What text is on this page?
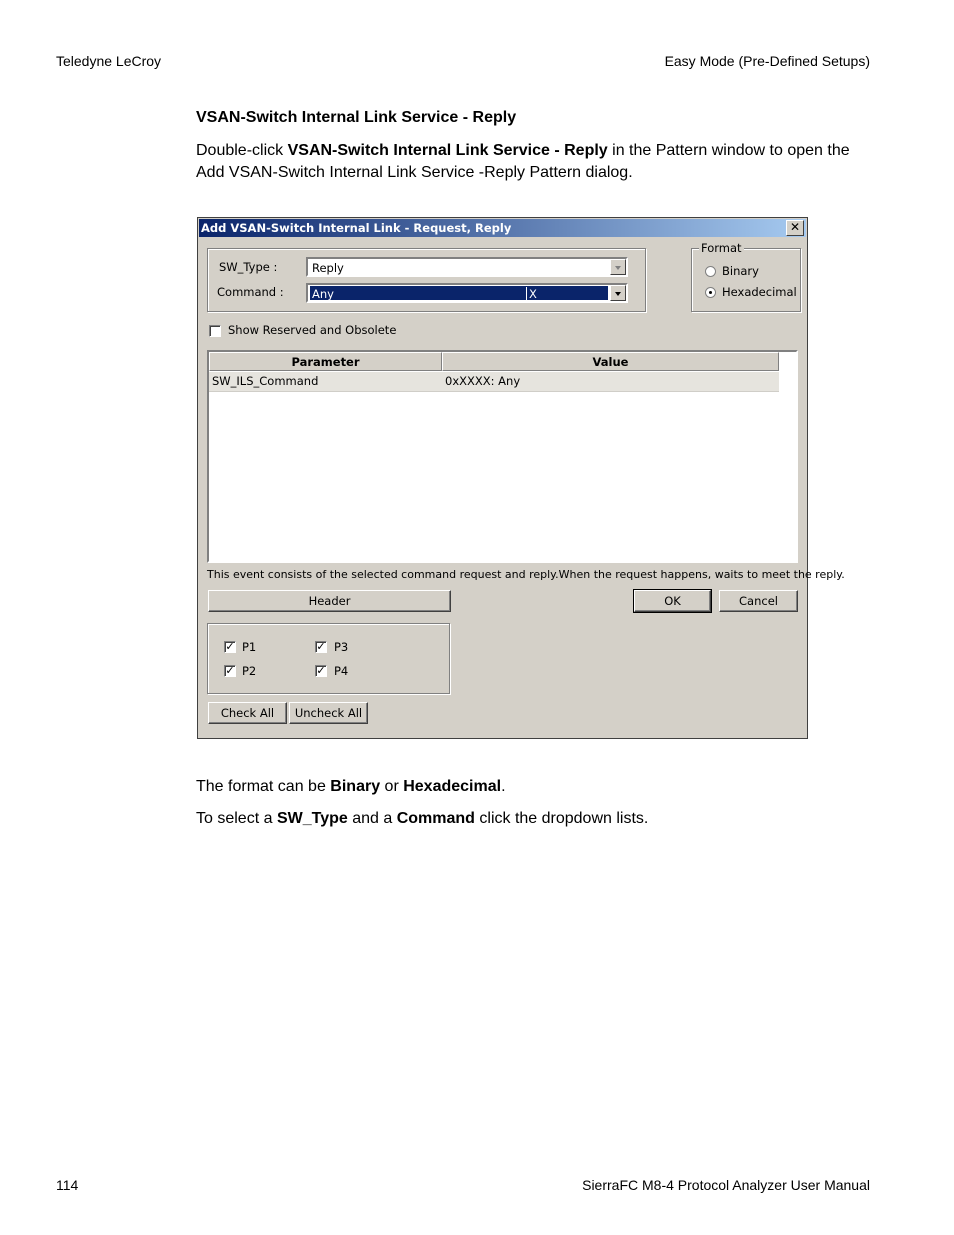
Teledyne LeCroy	Easy Mode (Pre-Defined Setups)
VSAN-Switch Internal Link Service - Reply
Double-click VSAN-Switch Internal Link Service - Reply in the Pattern window to open the Add VSAN-Switch Internal Link Service -Reply Pattern dialog.
Add VSAN-Switch Internal Link - Request, Reply	✕
SW_Type :	Reply
Command : Any	X
Format
Binary
Hexadecimal
Show Reserved and Obsolete
Parameter	Value
SW_ILS_Command	0xXXXX: Any
This event consists of the selected command request and reply.When the request happens, waits to meet the reply.
Header	OK	Cancel
✓ P1	✓ P3
✓ P2	✓ P4
Check All	Uncheck All
The format can be Binary or Hexadecimal.
To select a SW_Type and a Command click the dropdown lists.
114	SierraFC M8-4 Protocol Analyzer User Manual
